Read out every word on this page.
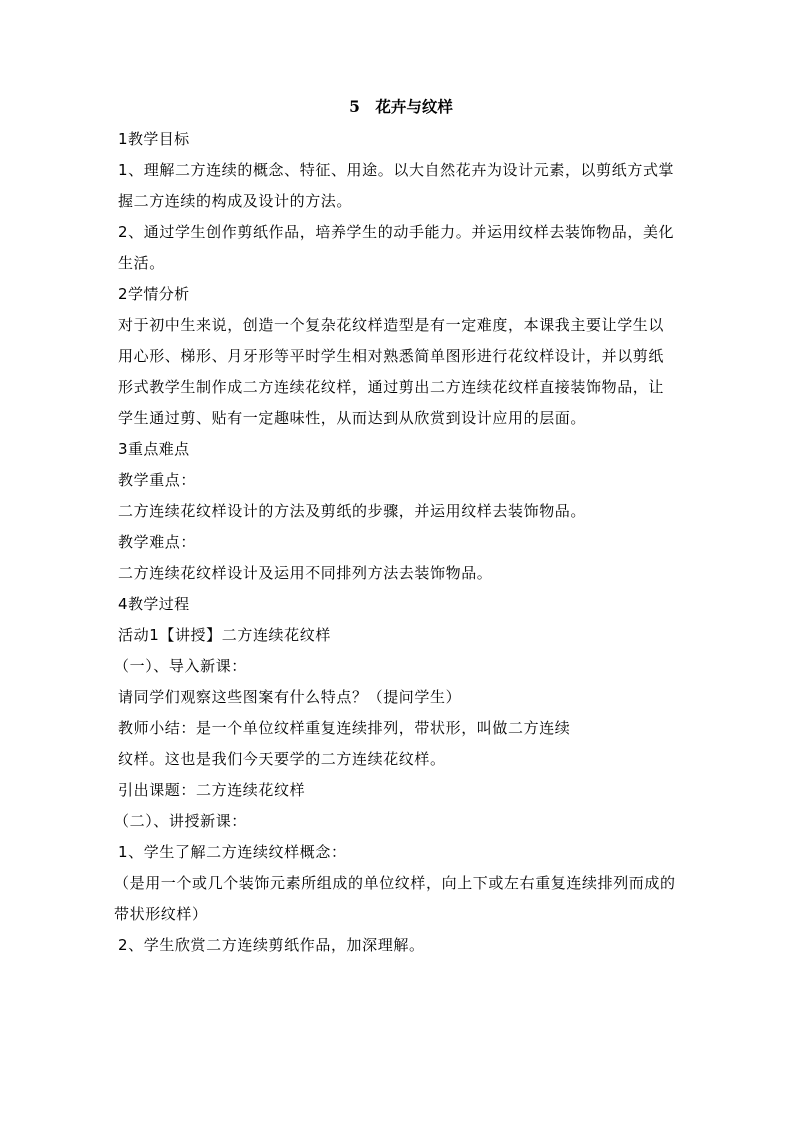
5　花卉与纹样

1教学目标

1、理解二方连续的概念、特征、用途。以大自然花卉为设计元素，以剪纸方式掌握二方连续的构成及设计的方法。

2、通过学生创作剪纸作品，培养学生的动手能力。并运用纹样去装饰物品，美化生活。

2学情分析

对于初中生来说，创造一个复杂花纹样造型是有一定难度，本课我主要让学生以用心形、梯形、月牙形等平时学生相对熟悉简单图形进行花纹样设计，并以剪纸形式教学生制作成二方连续花纹样，通过剪出二方连续花纹样直接装饰物品，让学生通过剪、贴有一定趣味性，从而达到从欣赏到设计应用的层面。

3重点难点

教学重点：

二方连续花纹样设计的方法及剪纸的步骤，并运用纹样去装饰物品。

教学难点：

二方连续花纹样设计及运用不同排列方法去装饰物品。

4教学过程

活动1【讲授】二方连续花纹样

（一）、导入新课：

请同学们观察这些图案有什么特点？（提问学生）

教师小结：是一个单位纹样重复连续排列，带状形，叫做二方连续

纹样。这也是我们今天要学的二方连续花纹样。

引出课题：二方连续花纹样

（二）、讲授新课：

1、学生了解二方连续纹样概念：

（是用一个或几个装饰元素所组成的单位纹样，向上下或左右重复连续排列而成的带状形纹样）

2、学生欣赏二方连续剪纸作品，加深理解。
